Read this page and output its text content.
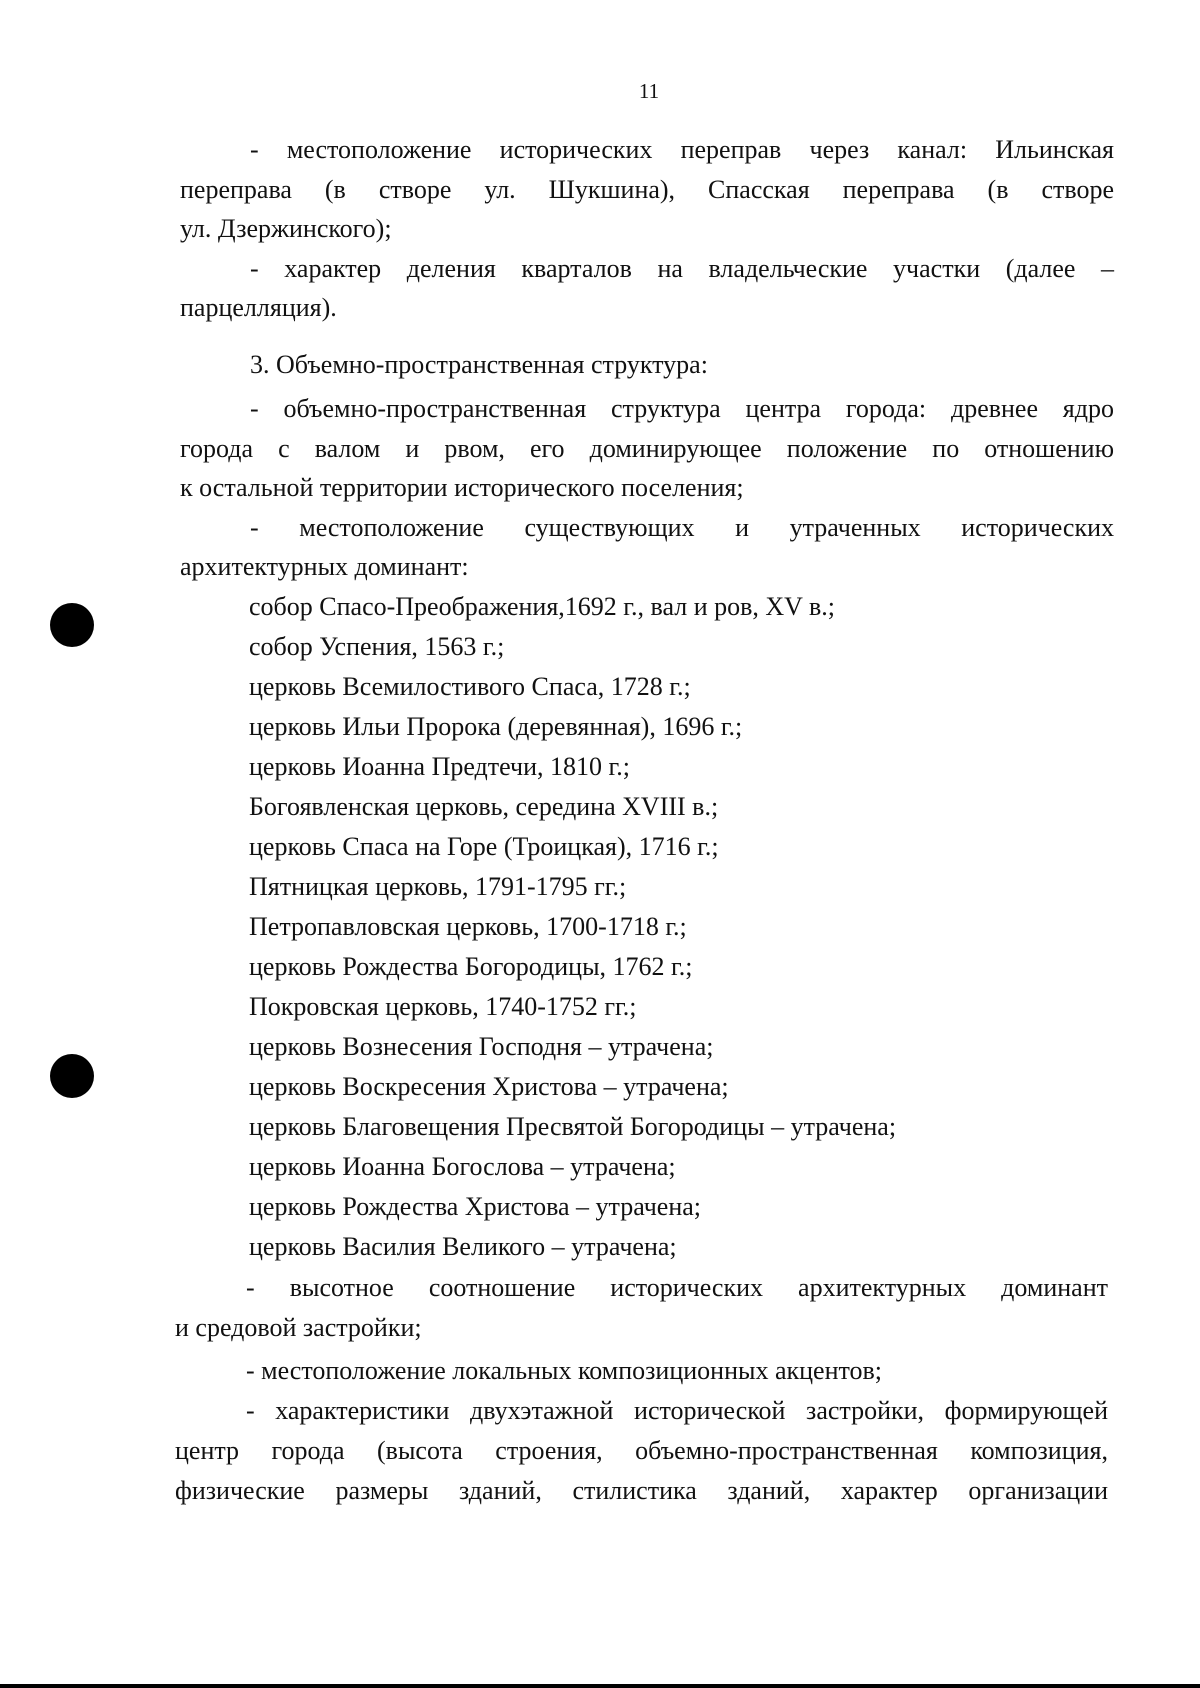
11
- местоположение исторических переправ через канал: Ильинская
переправа (в створе ул. Шукшина), Спасская переправа (в створе
ул. Дзержинского);
- характер деления кварталов на владельческие участки (далее –
парцелляция).
3. Объемно-пространственная структура:
- объемно-пространственная структура центра города: древнее ядро
города с валом и рвом, его доминирующее положение по отношению
к остальной территории исторического поселения;
- местоположение существующих и утраченных исторических
архитектурных доминант:
собор Спасо-Преображения,1692 г., вал и ров, XV в.;
собор Успения, 1563 г.;
церковь Всемилостивого Спаса, 1728 г.;
церковь Ильи Пророка (деревянная), 1696 г.;
церковь Иоанна Предтечи, 1810 г.;
Богоявленская церковь, середина XVIII в.;
церковь Спаса на Горе (Троицкая), 1716 г.;
Пятницкая церковь, 1791-1795 гг.;
Петропавловская церковь, 1700-1718 г.;
церковь Рождества Богородицы, 1762 г.;
Покровская церковь, 1740-1752 гг.;
церковь Вознесения Господня – утрачена;
церковь Воскресения Христова – утрачена;
церковь Благовещения Пресвятой Богородицы – утрачена;
церковь Иоанна Богослова – утрачена;
церковь Рождества Христова – утрачена;
церковь Василия Великого – утрачена;
- высотное соотношение исторических архитектурных доминант
и средовой застройки;
- местоположение локальных композиционных акцентов;
- характеристики двухэтажной исторической застройки, формирующей
центр города (высота строения, объемно-пространственная композиция,
физические размеры зданий, стилистика зданий, характер организации
